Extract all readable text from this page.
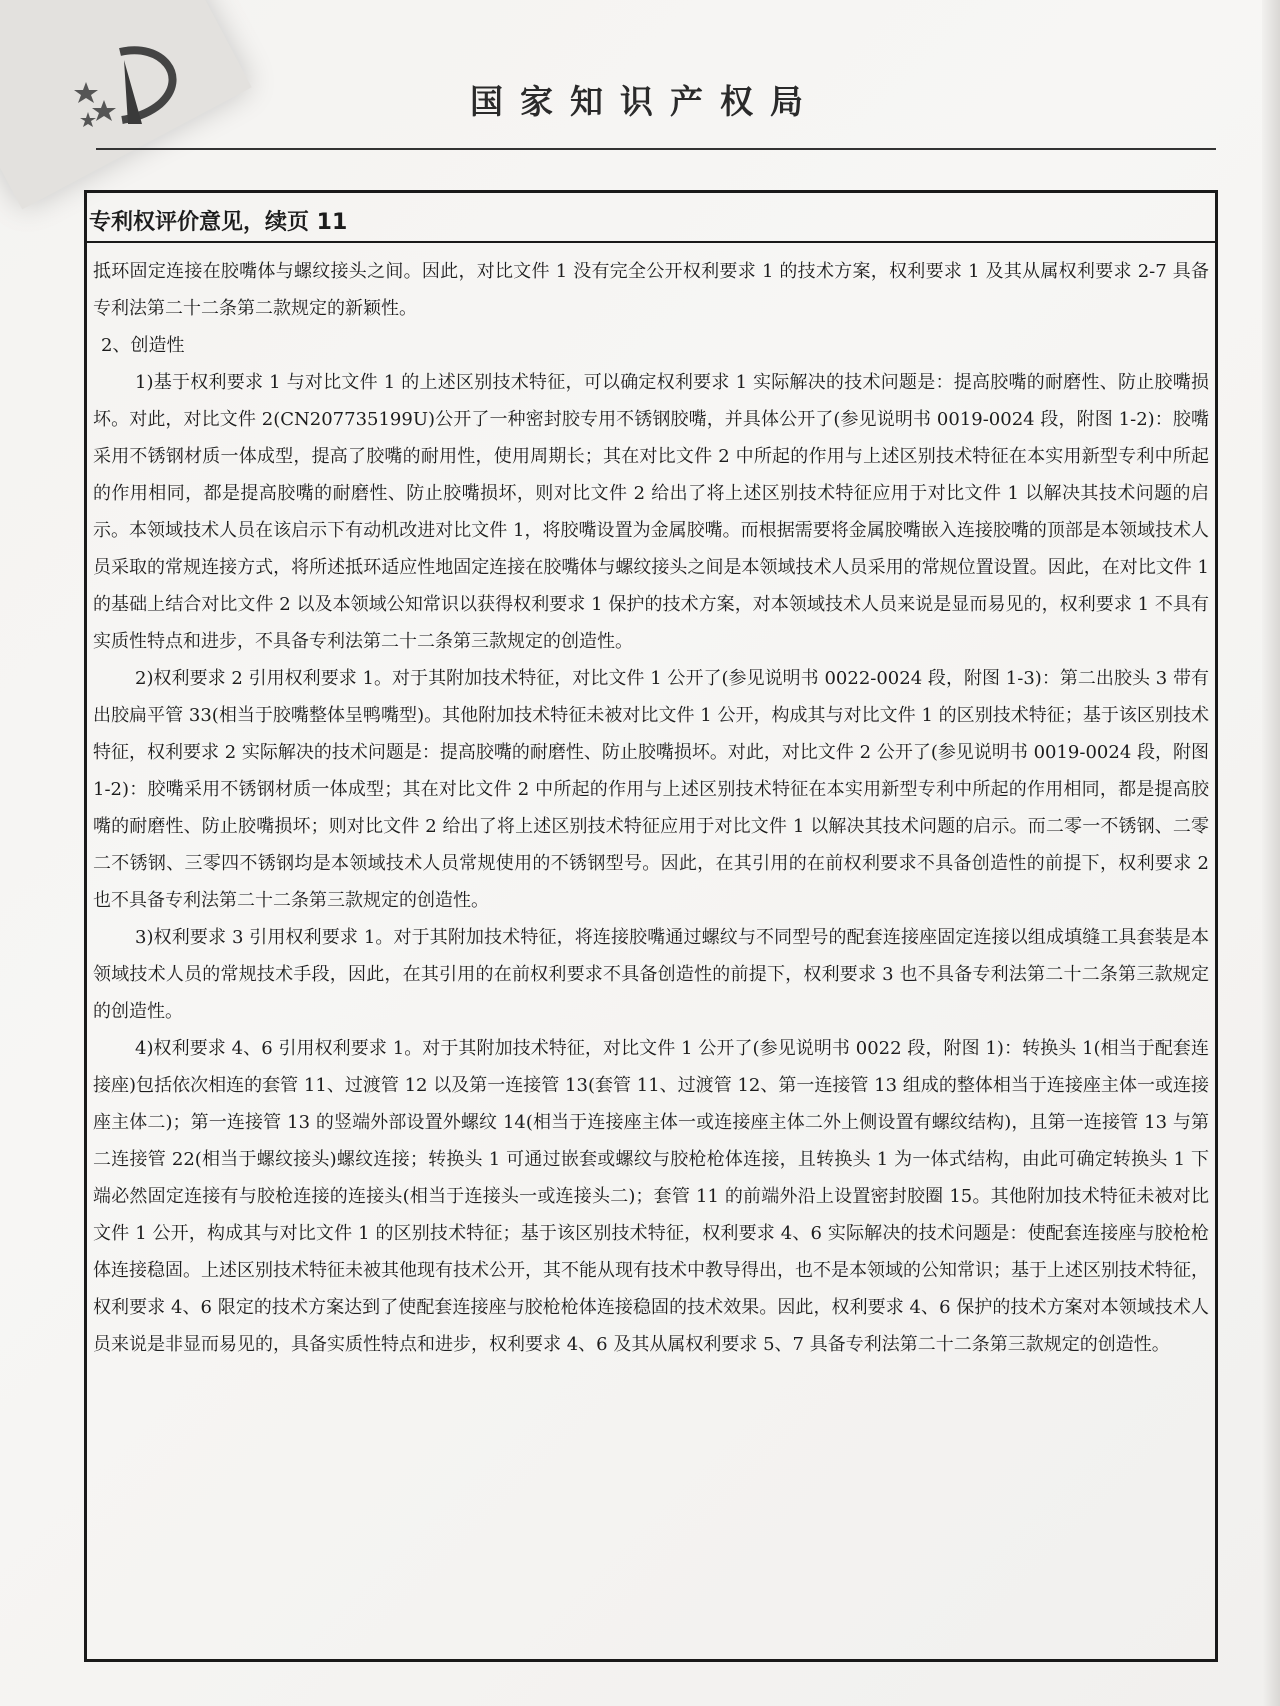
国家知识产权局
专利权评价意见，续页 11

抵环固定连接在胶嘴体与螺纹接头之间。因此，对比文件 1 没有完全公开权利要求 1 的技术方案，权利要求 1 及其从属权利要求 2-7 具备专利法第二十二条第二款规定的新颖性。

2、创造性

1)基于权利要求 1 与对比文件 1 的上述区别技术特征，可以确定权利要求 1 实际解决的技术问题是：提高胶嘴的耐磨性、防止胶嘴损坏。对此，对比文件 2(CN207735199U)公开了一种密封胶专用不锈钢胶嘴，并具体公开了(参见说明书 0019-0024 段，附图 1-2)：胶嘴采用不锈钢材质一体成型，提高了胶嘴的耐用性，使用周期长；其在对比文件 2 中所起的作用与上述区别技术特征在本实用新型专利中所起的作用相同，都是提高胶嘴的耐磨性、防止胶嘴损坏，则对比文件 2 给出了将上述区别技术特征应用于对比文件 1 以解决其技术问题的启示。本领域技术人员在该启示下有动机改进对比文件 1，将胶嘴设置为金属胶嘴。而根据需要将金属胶嘴嵌入连接胶嘴的顶部是本领域技术人员采取的常规连接方式，将所述抵环适应性地固定连接在胶嘴体与螺纹接头之间是本领域技术人员采用的常规位置设置。因此，在对比文件 1 的基础上结合对比文件 2 以及本领域公知常识以获得权利要求 1 保护的技术方案，对本领域技术人员来说是显而易见的，权利要求 1 不具有实质性特点和进步，不具备专利法第二十二条第三款规定的创造性。

2)权利要求 2 引用权利要求 1。对于其附加技术特征，对比文件 1 公开了(参见说明书 0022-0024 段，附图 1-3)：第二出胶头 3 带有出胶扁平管 33(相当于胶嘴整体呈鸭嘴型)。其他附加技术特征未被对比文件 1 公开，构成其与对比文件 1 的区别技术特征；基于该区别技术特征，权利要求 2 实际解决的技术问题是：提高胶嘴的耐磨性、防止胶嘴损坏。对此，对比文件 2 公开了(参见说明书 0019-0024 段，附图 1-2)：胶嘴采用不锈钢材质一体成型；其在对比文件 2 中所起的作用与上述区别技术特征在本实用新型专利中所起的作用相同，都是提高胶嘴的耐磨性、防止胶嘴损坏；则对比文件 2 给出了将上述区别技术特征应用于对比文件 1 以解决其技术问题的启示。而二零一不锈钢、二零二不锈钢、三零四不锈钢均是本领域技术人员常规使用的不锈钢型号。因此，在其引用的在前权利要求不具备创造性的前提下，权利要求 2 也不具备专利法第二十二条第三款规定的创造性。

3)权利要求 3 引用权利要求 1。对于其附加技术特征，将连接胶嘴通过螺纹与不同型号的配套连接座固定连接以组成填缝工具套装是本领域技术人员的常规技术手段，因此，在其引用的在前权利要求不具备创造性的前提下，权利要求 3 也不具备专利法第二十二条第三款规定的创造性。

4)权利要求 4、6 引用权利要求 1。对于其附加技术特征，对比文件 1 公开了(参见说明书 0022 段，附图 1)：转换头 1(相当于配套连接座)包括依次相连的套管 11、过渡管 12 以及第一连接管 13(套管 11、过渡管 12、第一连接管 13 组成的整体相当于连接座主体一或连接座主体二)；第一连接管 13 的竖端外部设置外螺纹 14(相当于连接座主体一或连接座主体二外上侧设置有螺纹结构)，且第一连接管 13 与第二连接管 22(相当于螺纹接头)螺纹连接；转换头 1 可通过嵌套或螺纹与胶枪枪体连接，且转换头 1 为一体式结构，由此可确定转换头 1 下端必然固定连接有与胶枪连接的连接头(相当于连接头一或连接头二)；套管 11 的前端外沿上设置密封胶圈 15。其他附加技术特征未被对比文件 1 公开，构成其与对比文件 1 的区别技术特征；基于该区别技术特征，权利要求 4、6 实际解决的技术问题是：使配套连接座与胶枪枪体连接稳固。上述区别技术特征未被其他现有技术公开，其不能从现有技术中教导得出，也不是本领域的公知常识；基于上述区别技术特征，权利要求 4、6 限定的技术方案达到了使配套连接座与胶枪枪体连接稳固的技术效果。因此，权利要求 4、6 保护的技术方案对本领域技术人员来说是非显而易见的，具备实质性特点和进步，权利要求 4、6 及其从属权利要求 5、7 具备专利法第二十二条第三款规定的创造性。
